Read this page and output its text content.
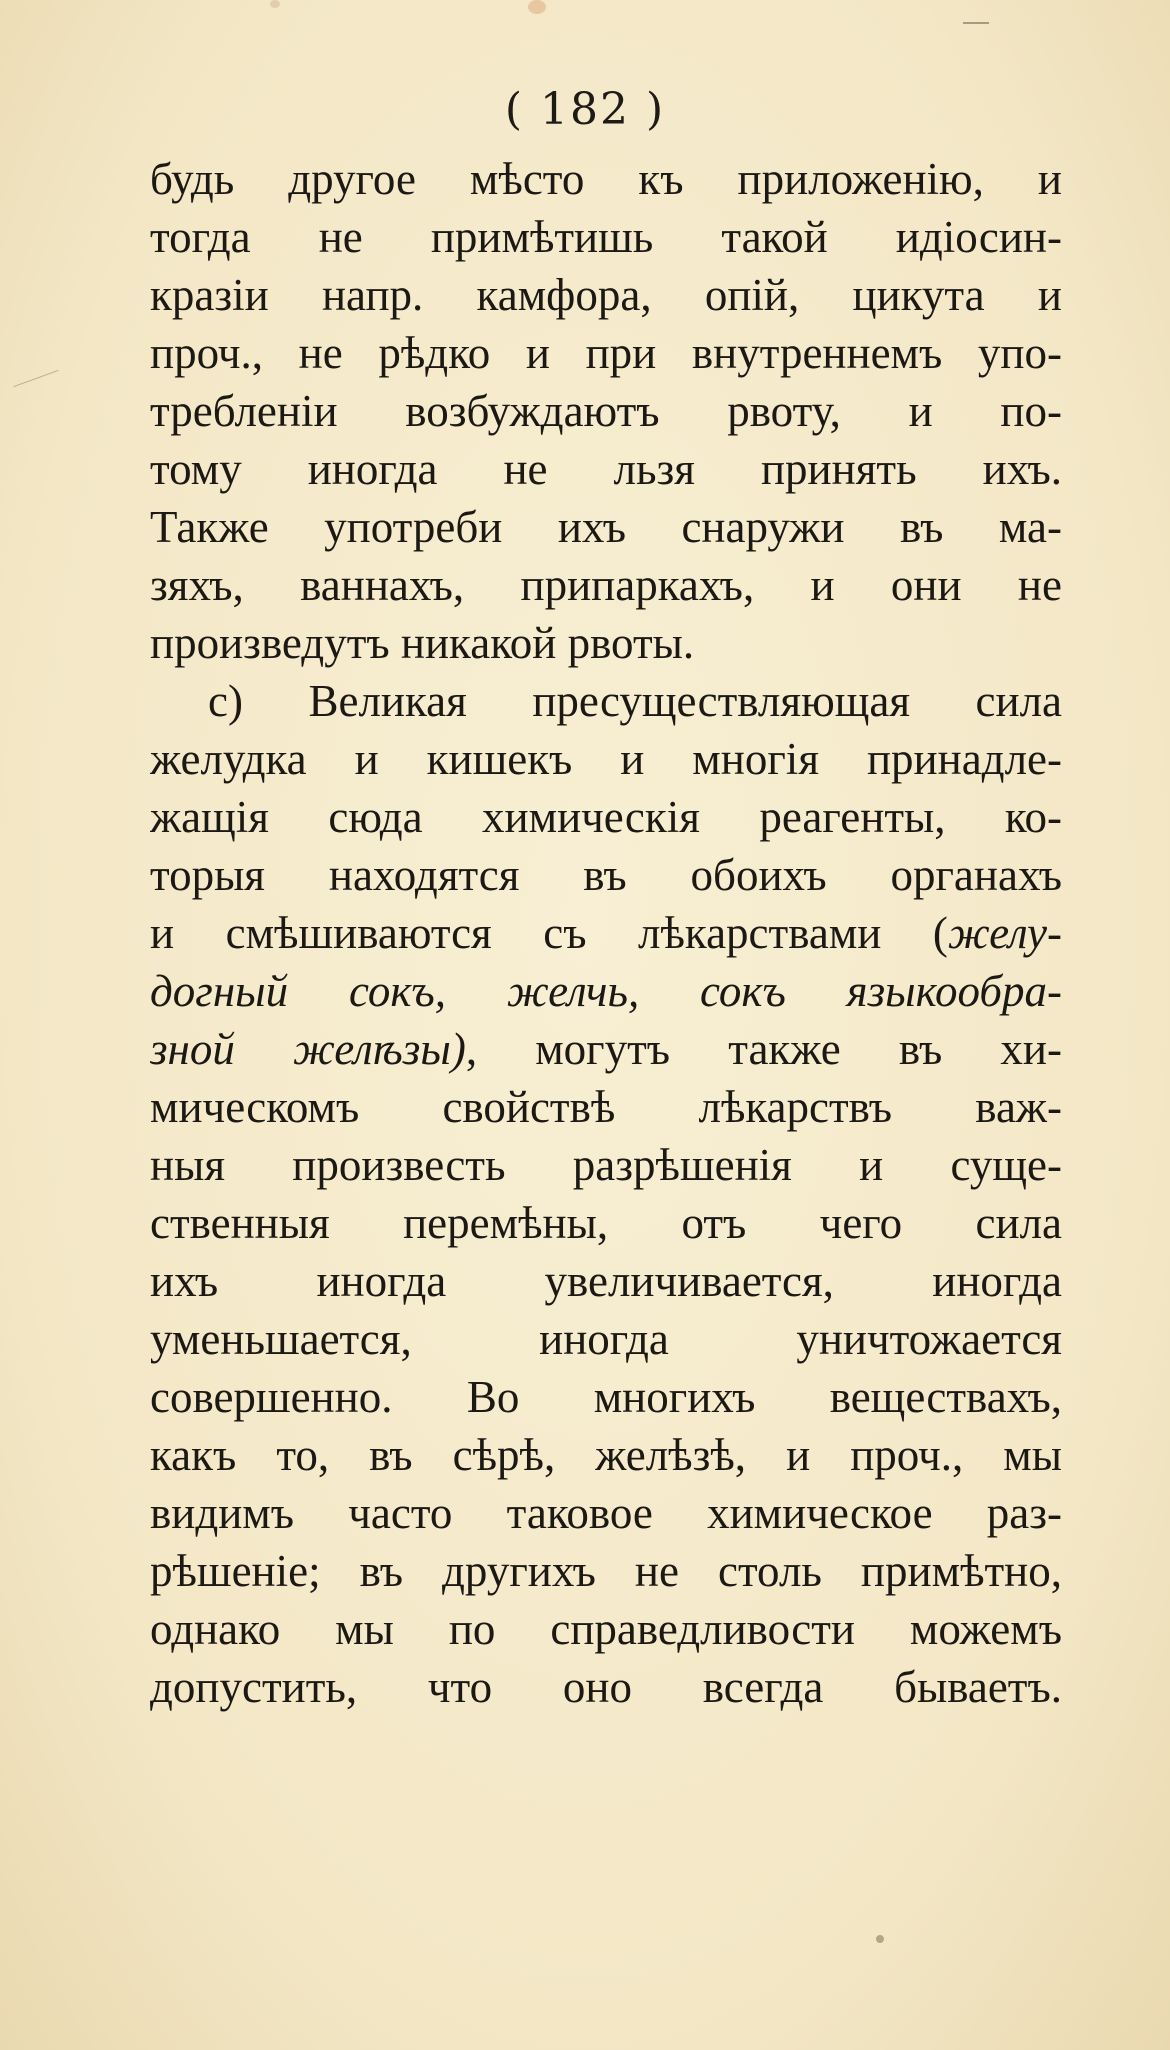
( 182 )
будь другое мѣсто къ приложенію, и
тогда не примѣтишь такой идіосин-
кразіи напр. камфора, опій, цикута и
проч., не рѣдко и при внутреннемъ упо-
требленіи возбуждаютъ рвоту, и по-
тому иногда не льзя принять ихъ.
Также употреби ихъ снаружи въ ма-
зяхъ, ваннахъ, припаркахъ, и они не
произведутъ никакой рвоты.
c) Великая пресуществляющая сила
желудка и кишекъ и многія принадле-
жащія сюда химическія реагенты, ко-
торыя находятся въ обоихъ органахъ
и смѣшиваются съ лѣкарствами (желу-
догный сокъ, желчь, сокъ языкообра-
зной желѣзы), могутъ также въ хи-
мическомъ свойствѣ лѣкарствъ важ-
ныя произвесть разрѣшенія и суще-
ственныя перемѣны, отъ чего сила
ихъ иногда увеличивается, иногда
уменьшается, иногда уничтожается
совершенно. Во многихъ веществахъ,
какъ то, въ сѣрѣ, желѣзѣ, и проч., мы
видимъ часто таковое химическое раз-
рѣшеніе; въ другихъ не столь примѣтно,
однако мы по справедливости можемъ
допустить, что оно всегда бываетъ.
